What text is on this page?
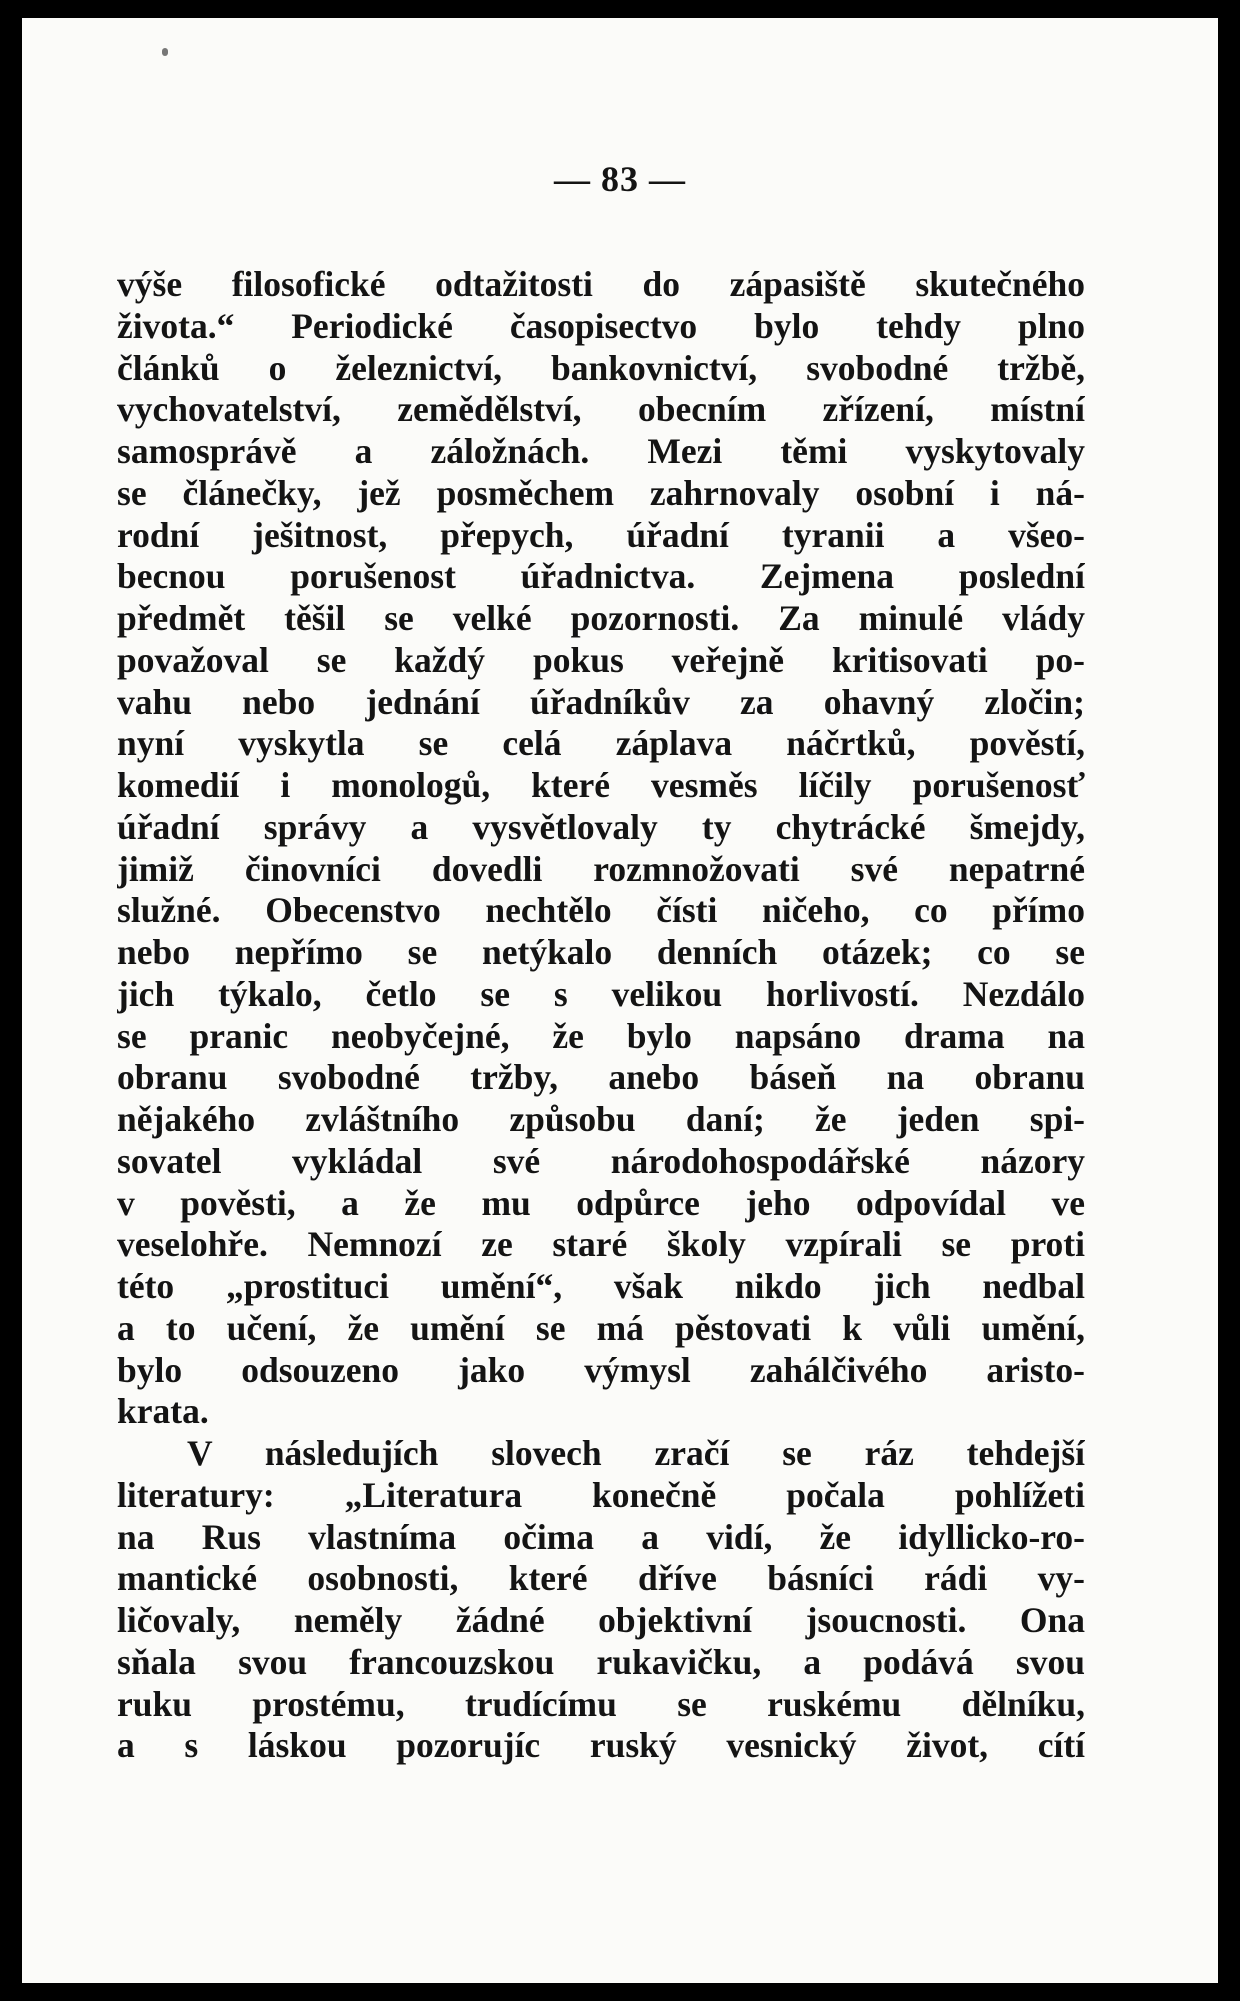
— 83 —
výše filosofické odtažitosti do zápasiště skutečného
života.“ Periodické časopisectvo bylo tehdy plno
článků o železnictví, bankovnictví, svobodné tržbě,
vychovatelství, zemědělství, obecním zřízení, místní
samosprávě a záložnách. Mezi těmi vyskytovaly
se článečky, jež posměchem zahrnovaly osobní i ná-
rodní ješitnost, přepych, úřadní tyranii a všeo-
becnou porušenost úřadnictva. Zejmena poslední
předmět těšil se velké pozornosti. Za minulé vlády
považoval se každý pokus veřejně kritisovati po-
vahu nebo jednání úřadníkův za ohavný zločin;
nyní vyskytla se celá záplava náčrtků, pověstí,
komedií i monologů, které vesměs líčily porušenosť
úřadní správy a vysvětlovaly ty chytrácké šmejdy,
jimiž činovníci dovedli rozmnožovati své nepatrné
služné. Obecenstvo nechtělo čísti ničeho, co přímo
nebo nepřímo se netýkalo denních otázek; co se
jich týkalo, četlo se s velikou horlivostí. Nezdálo
se pranic neobyčejné, že bylo napsáno drama na
obranu svobodné tržby, anebo báseň na obranu
nějakého zvláštního způsobu daní; že jeden spi-
sovatel vykládal své národohospodářské názory
v pověsti, a že mu odpůrce jeho odpovídal ve
veselohře. Nemnozí ze staré školy vzpírali se proti
této „prostituci umění“, však nikdo jich nedbal
a to učení, že umění se má pěstovati k vůli umění,
bylo odsouzeno jako výmysl zahálčivého aristo-
krata.
V následujích slovech zračí se ráz tehdejší
literatury: „Literatura konečně počala pohlížeti
na Rus vlastníma očima a vidí, že idyllicko-ro-
mantické osobnosti, které dříve básníci rádi vy-
ličovaly, neměly žádné objektivní jsoucnosti. Ona
sňala svou francouzskou rukavičku, a podává svou
ruku prostému, trudícímu se ruskému dělníku,
a s láskou pozorujíc ruský vesnický život, cítí
